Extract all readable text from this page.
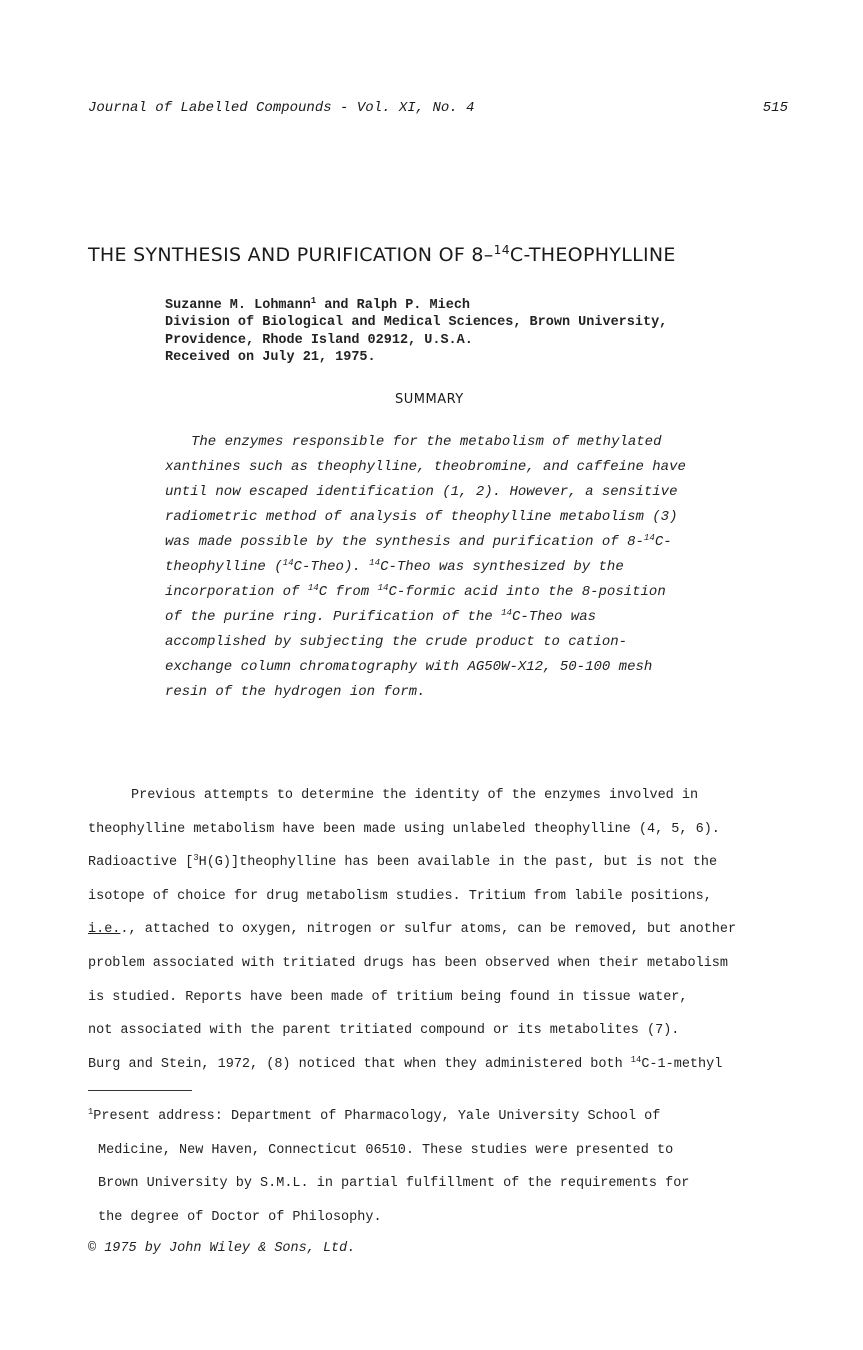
Journal of Labelled Compounds - Vol. XI, No. 4	515
THE SYNTHESIS AND PURIFICATION OF 8–$^{14}$C-THEOPHYLLINE
Suzanne M. Lohmann$^1$ and Ralph P. Miech
Division of Biological and Medical Sciences, Brown University,
Providence, Rhode Island 02912, U.S.A.
Received on July 21, 1975.
SUMMARY
The enzymes responsible for the metabolism of methylated
xanthines such as theophylline, theobromine, and caffeine have
until now escaped identification (1, 2). However, a sensitive
radiometric method of analysis of theophylline metabolism (3)
was made possible by the synthesis and purification of 8-$^{14}$C-
theophylline ($^{14}$C-Theo). $^{14}$C-Theo was synthesized by the
incorporation of $^{14}$C from $^{14}$C-formic acid into the 8-position
of the purine ring. Purification of the $^{14}$C-Theo was
accomplished by subjecting the crude product to cation-
exchange column chromatography with AG50W-X12, 50-100 mesh
resin of the hydrogen ion form.
Previous attempts to determine the identity of the enzymes involved in
theophylline metabolism have been made using unlabeled theophylline (4, 5, 6).
Radioactive [$^3$H(G)]theophylline has been available in the past, but is not the
isotope of choice for drug metabolism studies. Tritium from labile positions,
i.e.., attached to oxygen, nitrogen or sulfur atoms, can be removed, but another
problem associated with tritiated drugs has been observed when their metabolism
is studied. Reports have been made of tritium being found in tissue water,
not associated with the parent tritiated compound or its metabolites (7).
Burg and Stein, 1972, (8) noticed that when they administered both $^{14}$C-1-methyl
$^1$Present address: Department of Pharmacology, Yale University School of
Medicine, New Haven, Connecticut 06510. These studies were presented to
Brown University by S.M.L. in partial fulfillment of the requirements for
the degree of Doctor of Philosophy.
© 1975 by John Wiley & Sons, Ltd.
